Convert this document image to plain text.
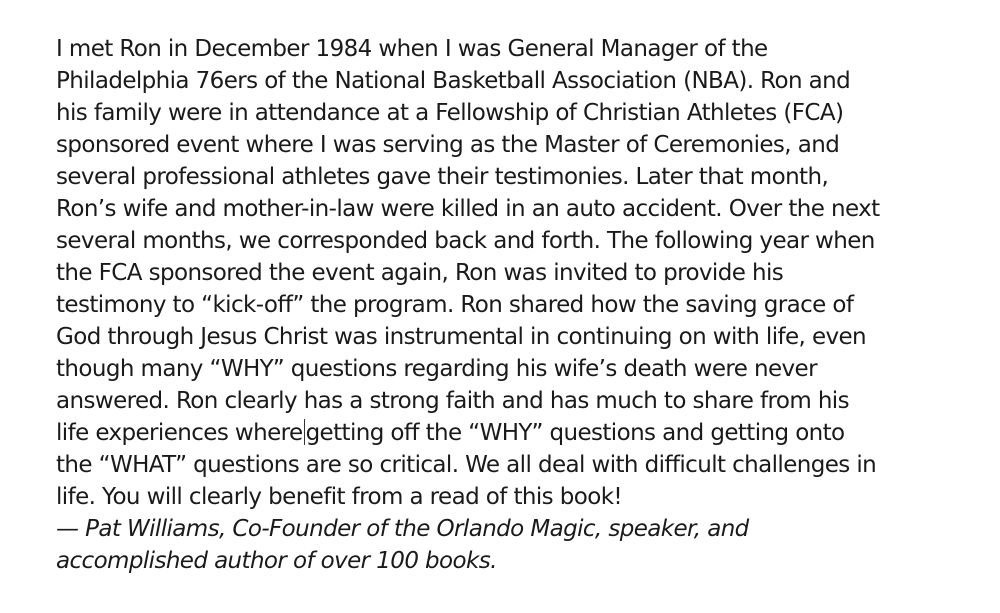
I met Ron in December 1984 when I was General Manager of the
Philadelphia 76ers of the National Basketball Association (NBA). Ron and
his family were in attendance at a Fellowship of Christian Athletes (FCA)
sponsored event where I was serving as the Master of Ceremonies, and
several professional athletes gave their testimonies. Later that month,
Ron’s wife and mother-in-law were killed in an auto accident. Over the next
several months, we corresponded back and forth. The following year when
the FCA sponsored the event again, Ron was invited to provide his
testimony to “kick-off” the program. Ron shared how the saving grace of
God through Jesus Christ was instrumental in continuing on with life, even
though many “WHY” questions regarding his wife’s death were never
answered. Ron clearly has a strong faith and has much to share from his
life experiences where getting off the “WHY” questions and getting onto
the “WHAT” questions are so critical. We all deal with difficult challenges in
life. You will clearly benefit from a read of this book!
— Pat Williams, Co-Founder of the Orlando Magic, speaker, and
accomplished author of over 100 books.
